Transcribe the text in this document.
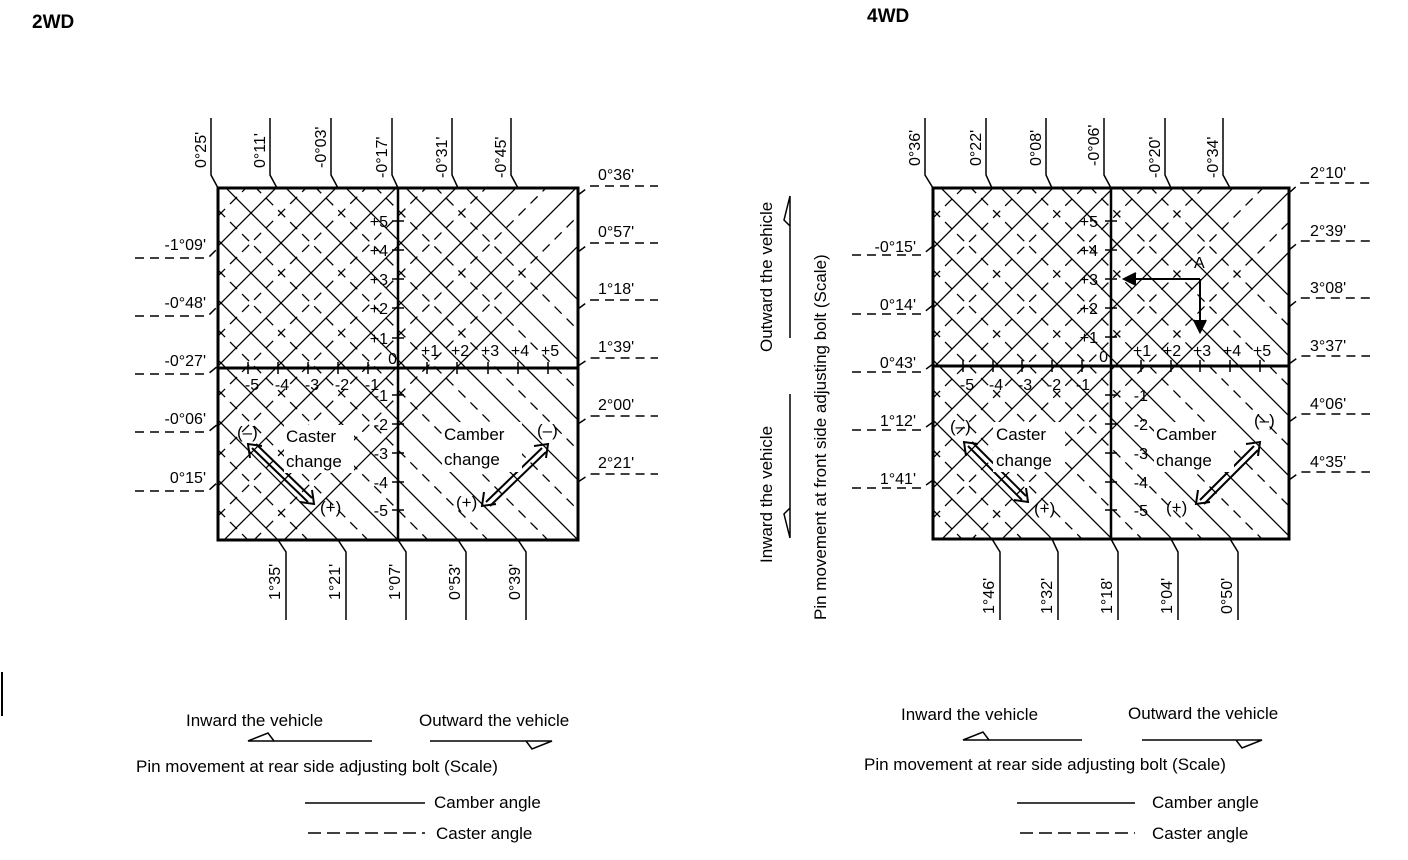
2WD
+5
+4
+3
+2
+1
0
-1
-2
-3
-4
-5
+1 +2 +3 +4 +5
-5 -4 -3 -2 -1
0°25'	0°11'	-0°03'	-0°17'	-0°31'	-0°45'
1°35'	1°21'	1°07'	0°53'	0°39'
-1°09'
-0°48'
-0°27'
-0°06'
0°15'
0°36'
0°57'
1°18'
1°39'
2°00'
2°21'
(–)
(+)
Caster
change
(–)
(+)
Camber
change
Inward the vehicle	Outward the vehicle
Pin movement at rear side adjusting bolt (Scale)
Camber angle
Caster angle
4WD
+5
+4
+3
+2
+1
0
-1
-2
-3
-4
-5
+1 +2 +3 +4 +5
-5 -4 -3 -2 -1
A
0°36'	0°22'	0°08'	-0°06'	-0°20'	-0°34'
1°46'	1°32'	1°18'	1°04'	0°50'
-0°15'
0°14'
0°43'
1°12'
1°41'
2°10'
2°39'
3°08'
3°37'
4°06'
4°35'
(–)
(+)
Caster
change
(–)
(+)
Camber
change
Outward the vehicle
Inward the vehicle Pin movement at front side adjusting bolt (Scale)
Inward the vehicle	Outward the vehicle
Pin movement at rear side adjusting bolt (Scale)
Camber angle
Caster angle
